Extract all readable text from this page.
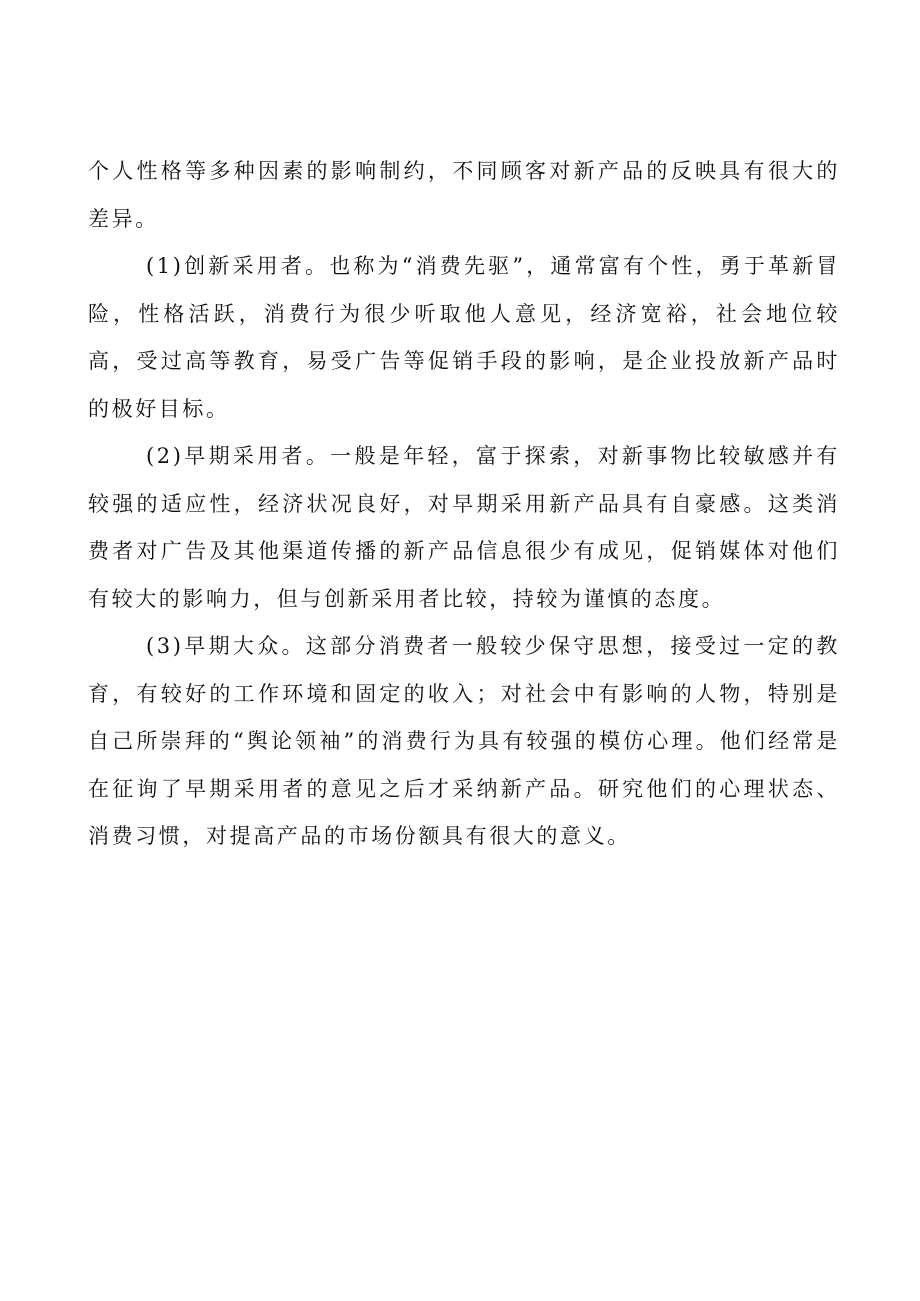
个人性格等多种因素的影响制约，不同顾客对新产品的反映具有很大的差异。

(1)创新采用者。也称为“消费先驱”，通常富有个性，勇于革新冒险，性格活跃，消费行为很少听取他人意见，经济宽裕，社会地位较高，受过高等教育，易受广告等促销手段的影响，是企业投放新产品时的极好目标。

(2)早期采用者。一般是年轻，富于探索，对新事物比较敏感并有较强的适应性，经济状况良好，对早期采用新产品具有自豪感。这类消费者对广告及其他渠道传播的新产品信息很少有成见，促销媒体对他们有较大的影响力，但与创新采用者比较，持较为谨慎的态度。

(3)早期大众。这部分消费者一般较少保守思想，接受过一定的教育，有较好的工作环境和固定的收入；对社会中有影响的人物，特别是自己所崇拜的“舆论领袖”的消费行为具有较强的模仿心理。他们经常是在征询了早期采用者的意见之后才采纳新产品。研究他们的心理状态、消费习惯，对提高产品的市场份额具有很大的意义。
